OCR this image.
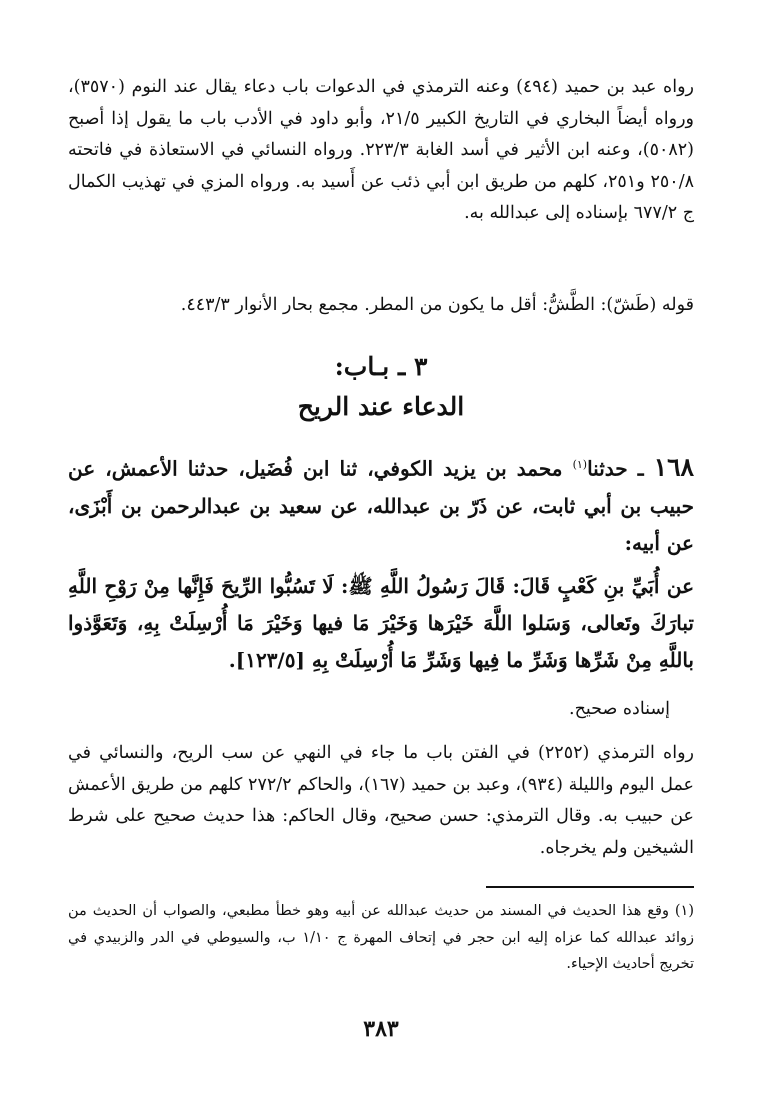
رواه عبد بن حميد (٤٩٤) وعنه الترمذي في الدعوات باب دعاء يقال عند النوم (٣٥٧٠)، ورواه أيضاً البخاري في التاريخ الكبير ٢١/٥، وأبو داود في الأدب باب ما يقول إذا أصبح (٥٠٨٢)، وعنه ابن الأثير في أسد الغابة ٢٢٣/٣. ورواه النسائي في الاستعاذة في فاتحته ٢٥٠/٨ و٢٥١، كلهم من طريق ابن أبي ذئب عن أَسيد به. ورواه المزي في تهذيب الكمال ج ٦٧٧/٢ بإسناده إلى عبدالله به.

قوله (طَشّ): الطَّشُّ: أقل ما يكون من المطر. مجمع بحار الأنوار ٤٤٣/٣.

٣ ـ بـاب:
الدعاء عند الريح

١٦٨ ـ حدثنا$^{(١)}$ محمد بن يزيد الكوفي، ثنا ابن فُضَيل، حدثنا الأعمش، عن حبيب بن أبي ثابت، عن ذَرّ بن عبدالله، عن سعيد بن عبدالرحمن بن أَبْزَى، عن أبيه:

عن أُبَيِّ بنِ كَعْبٍ قَالَ: قَالَ رَسُولُ اللَّهِ ﷺ: لَا تَسُبُّوا الرِّيحَ فَإِنَّها مِنْ رَوْحِ اللَّهِ تبارَكَ وتَعالى، وَسَلوا اللَّهَ خَيْرَها وَخَيْرَ مَا فيها وَخَيْرَ مَا أُرْسِلَتْ بِهِ، وَتَعَوَّذوا باللَّهِ مِنْ شَرِّها وَشَرِّ ما فِيها وَشَرِّ مَا أُرْسِلَتْ بِهِ [١٢٣/٥].

إسناده صحيح.

رواه الترمذي (٢٢٥٢) في الفتن باب ما جاء في النهي عن سب الريح، والنسائي في عمل اليوم والليلة (٩٣٤)، وعبد بن حميد (١٦٧)، والحاكم ٢٧٢/٢ كلهم من طريق الأعمش عن حبيب به. وقال الترمذي: حسن صحيح، وقال الحاكم: هذا حديث صحيح على شرط الشيخين ولم يخرجاه.

(١) وقع هذا الحديث في المسند من حديث عبدالله عن أبيه وهو خطأ مطبعي، والصواب أن الحديث من زوائد عبدالله كما عزاه إليه ابن حجر في إتحاف المهرة ج ١/١٠ ب، والسيوطي في الدر والزبيدي في تخريج أحاديث الإحياء.

٣٨٣
